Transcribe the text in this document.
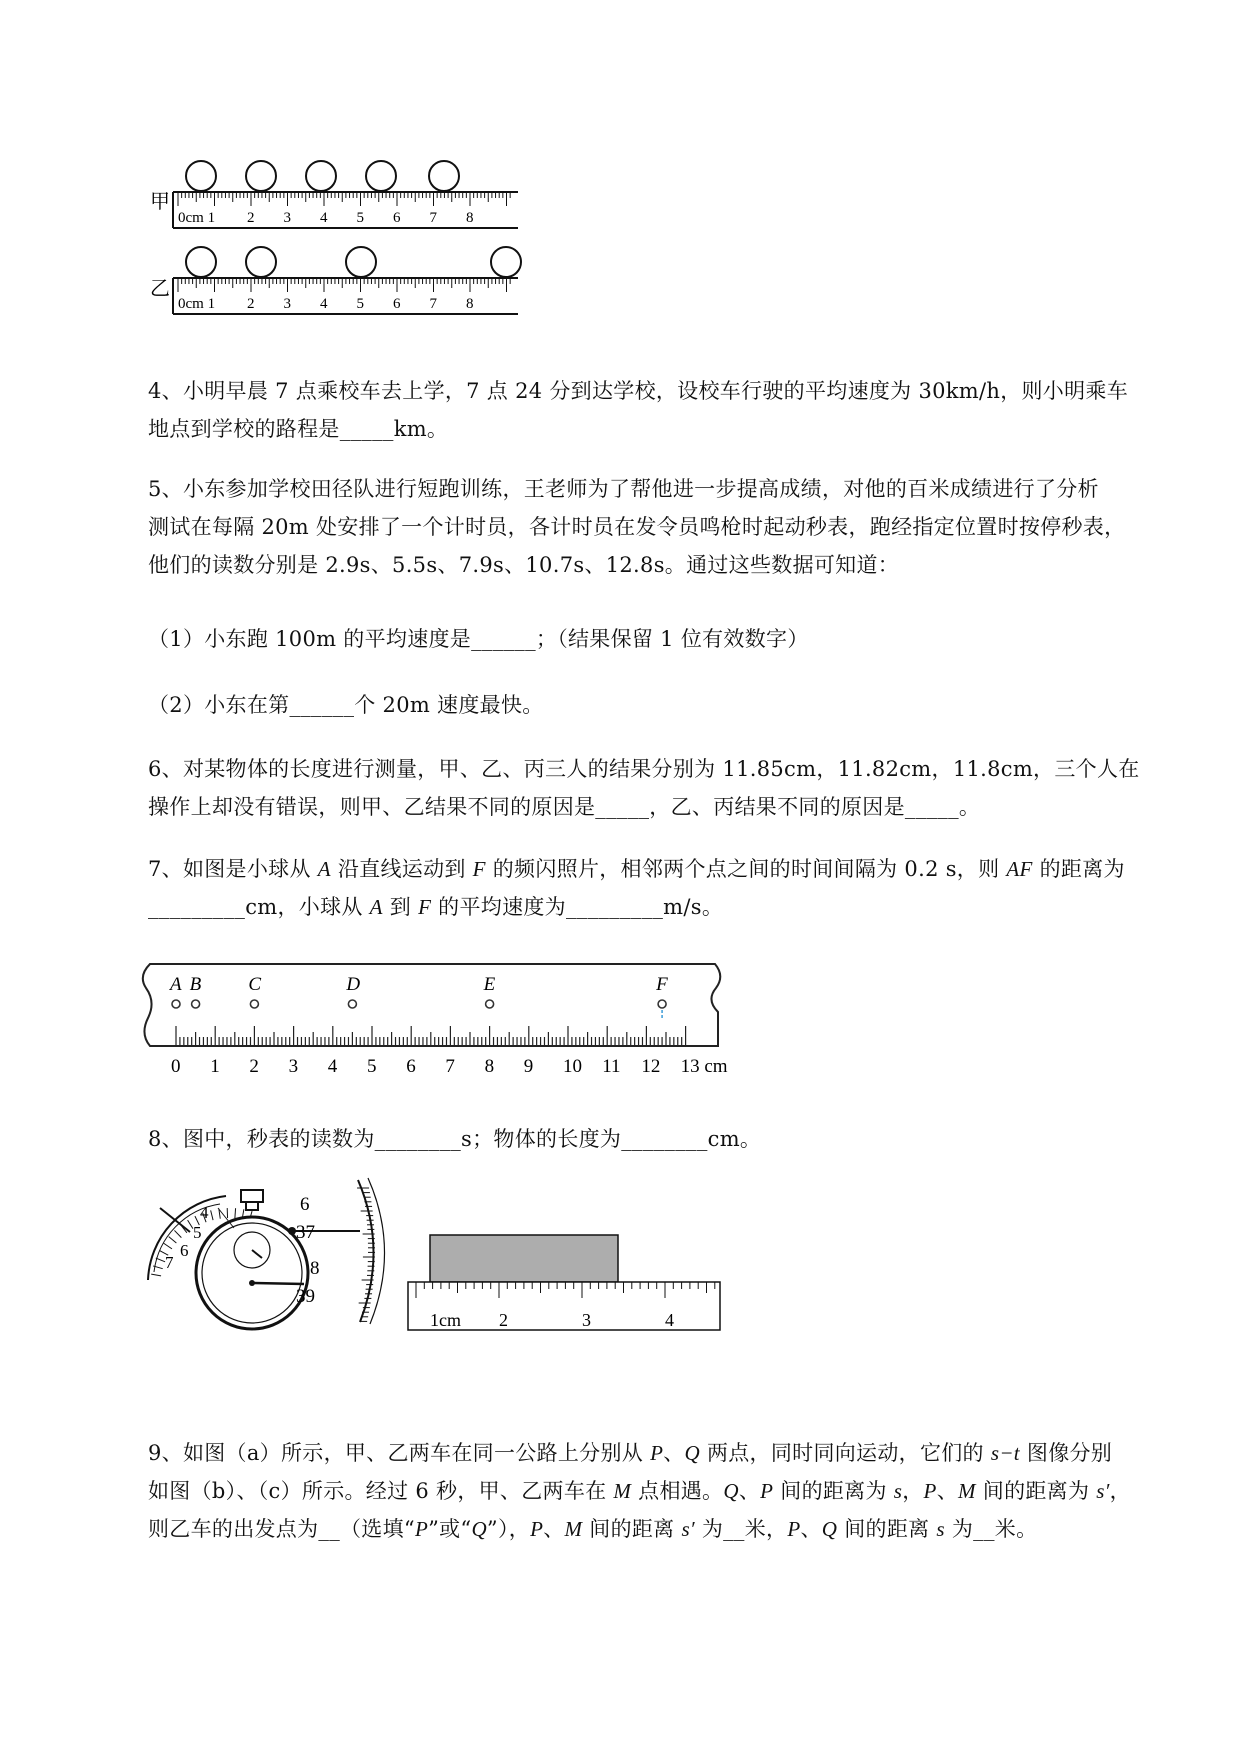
甲
乙
0cm 1 2 3 4 5 6 7 8
0cm 1 2 3 4 5 6 7 8

4、小明早晨 7 点乘校车去上学，7 点 24 分到达学校，设校车行驶的平均速度为 30km/h，则小明乘车
地点到学校的路程是_____km。

5、小东参加学校田径队进行短跑训练，王老师为了帮他进一步提高成绩，对他的百米成绩进行了分析
测试在每隔 20m 处安排了一个计时员，各计时员在发令员鸣枪时起动秒表，跑经指定位置时按停秒表，
他们的读数分别是 2.9s、5.5s、7.9s、10.7s、12.8s。通过这些数据可知道：

（1）小东跑 100m 的平均速度是______；（结果保留 1 位有效数字）

（2）小东在第______个 20m 速度最快。

6、对某物体的长度进行测量，甲、乙、丙三人的结果分别为 11.85cm，11.82cm，11.8cm，三个人在
操作上却没有错误，则甲、乙结果不同的原因是_____，乙、丙结果不同的原因是_____。

7、如图是小球从 A 沿直线运动到 F 的频闪照片，相邻两个点之间的时间间隔为 0.2 s，则 AF 的距离为
_________cm，小球从 A 到 F 的平均速度为_________m/s。

0 1 2 3 4 5 6 7 8 9 10 11 12 13 cm
A B C	D	E	F

8、图中，秒表的读数为________s；物体的长度为________cm。

4
5
6
7
6
37
8
39
1cm 2	3	4

9、如图（a）所示，甲、乙两车在同一公路上分别从 P、Q 两点，同时同向运动，它们的 s−t 图像分别
如图（b）、（c）所示。经过 6 秒，甲、乙两车在 M 点相遇。Q、P 间的距离为 s，P、M 间的距离为 s′，
则乙车的出发点为__（选填“P”或“Q”），P、M 间的距离 s′ 为__米，P、Q 间的距离 s 为__米。
